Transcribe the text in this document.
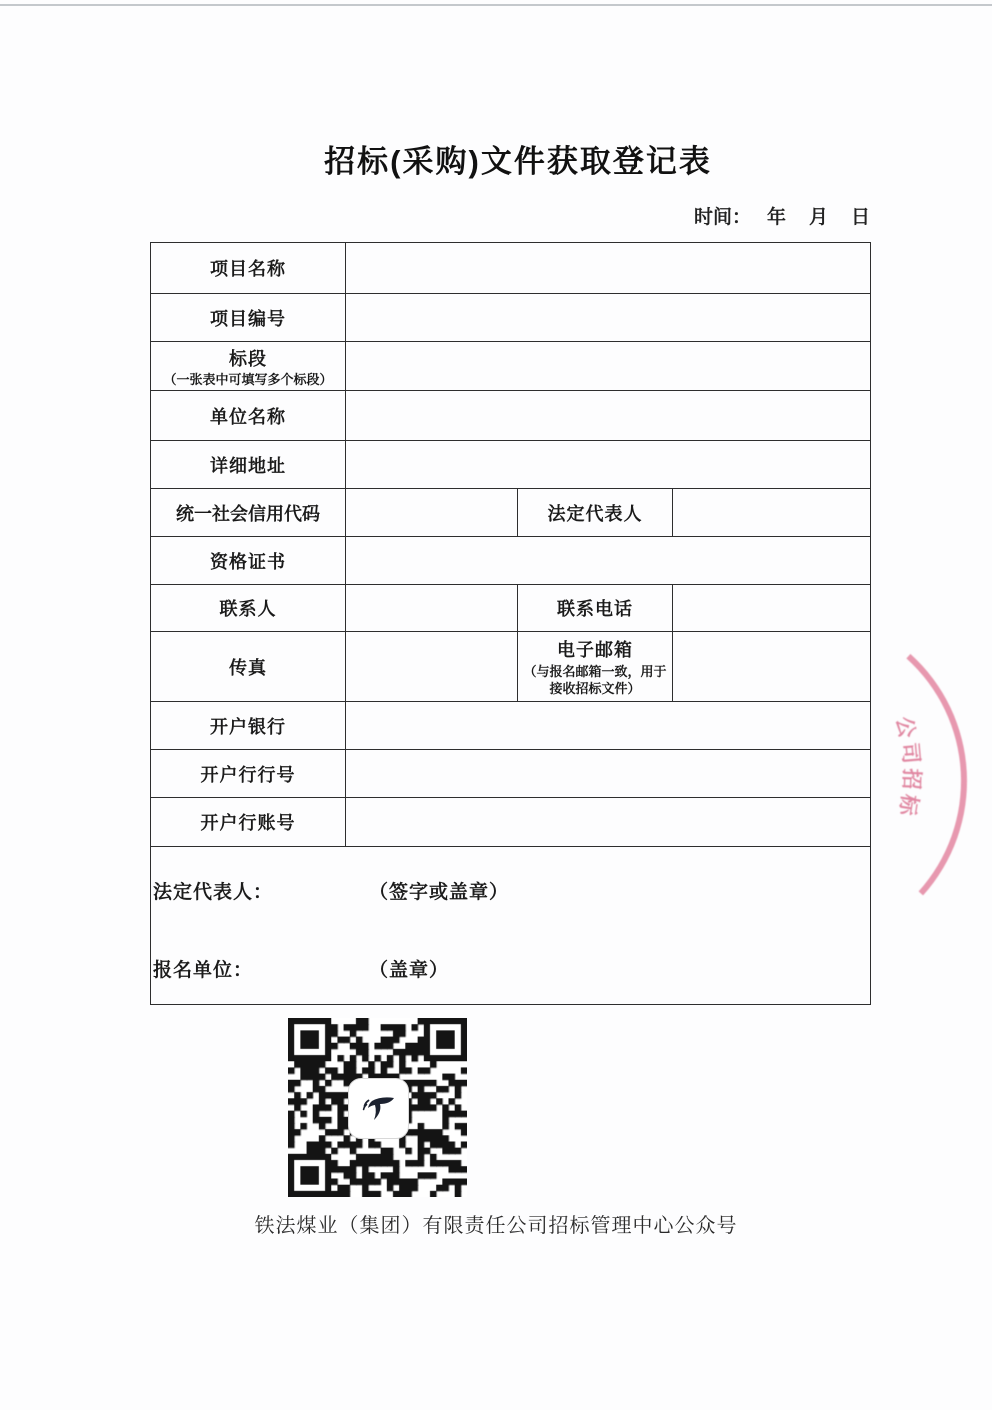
招标(采购)文件获取登记表
时间： 年 月 日
项目名称			
项目编号			

标段
（一张表中可填写多个标段）			

单位名称			
详细地址			
统一社会信用代码		法定代表人	
资格证书			
联系人		联系电话	
传真		电子邮箱
（与报名邮箱一致，用于接收招标文件）	

开户银行			
开户行行号			
开户行账号			

法定代表人： （签字或盖章）
报名单位： （盖章）			
铁法煤业（集团）有限责任公司招标管理中心公众号
公
司
招
标
